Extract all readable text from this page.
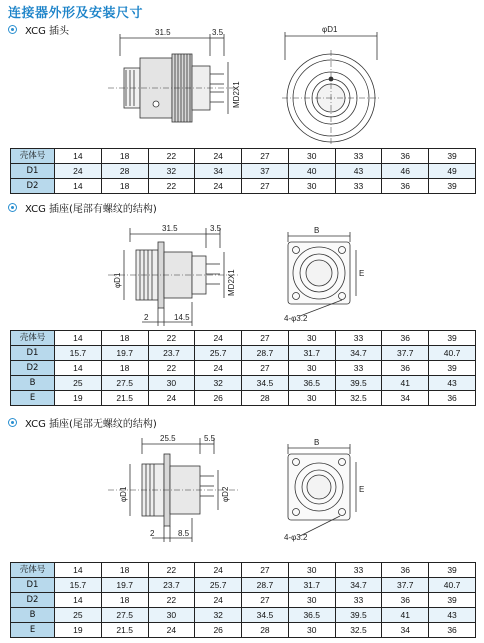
连接器外形及安装尺寸
XCG 插头	31.5	3.5
MD2X1
φD1
壳体号	14	18	22	24	27	30	33	36	39
D1	24	28	32	34	37	40	43	46	49
D2	14	18	22	24	27	30	33	36	39
XCG 插座(尾部有螺纹的结构)
31.5	3.5
φD1	MD2X1
2	14.5
B
E
4-φ3.2
壳体号	14	18	22	24	27	30	33	36	39
D1	15.7	19.7	23.7	25.7	28.7	31.7	34.7	37.7	40.7
D2	14	18	22	24	27	30	33	36	39
B	25	27.5	30	32	34.5	36.5	39.5	41	43
E	19	21.5	24	26	28	30	32.5	34	36
XCG 插座(尾部无螺纹的结构)
25.5	5.5
φD1	φD2
2	8.5
B
E
4-φ3.2
壳体号	14	18	22	24	27	30	33	36	39
D1	15.7	19.7	23.7	25.7	28.7	31.7	34.7	37.7	40.7
D2	14	18	22	24	27	30	33	36	39
B	25	27.5	30	32	34.5	36.5	39.5	41	43
E	19	21.5	24	26	28	30	32.5	34	36
